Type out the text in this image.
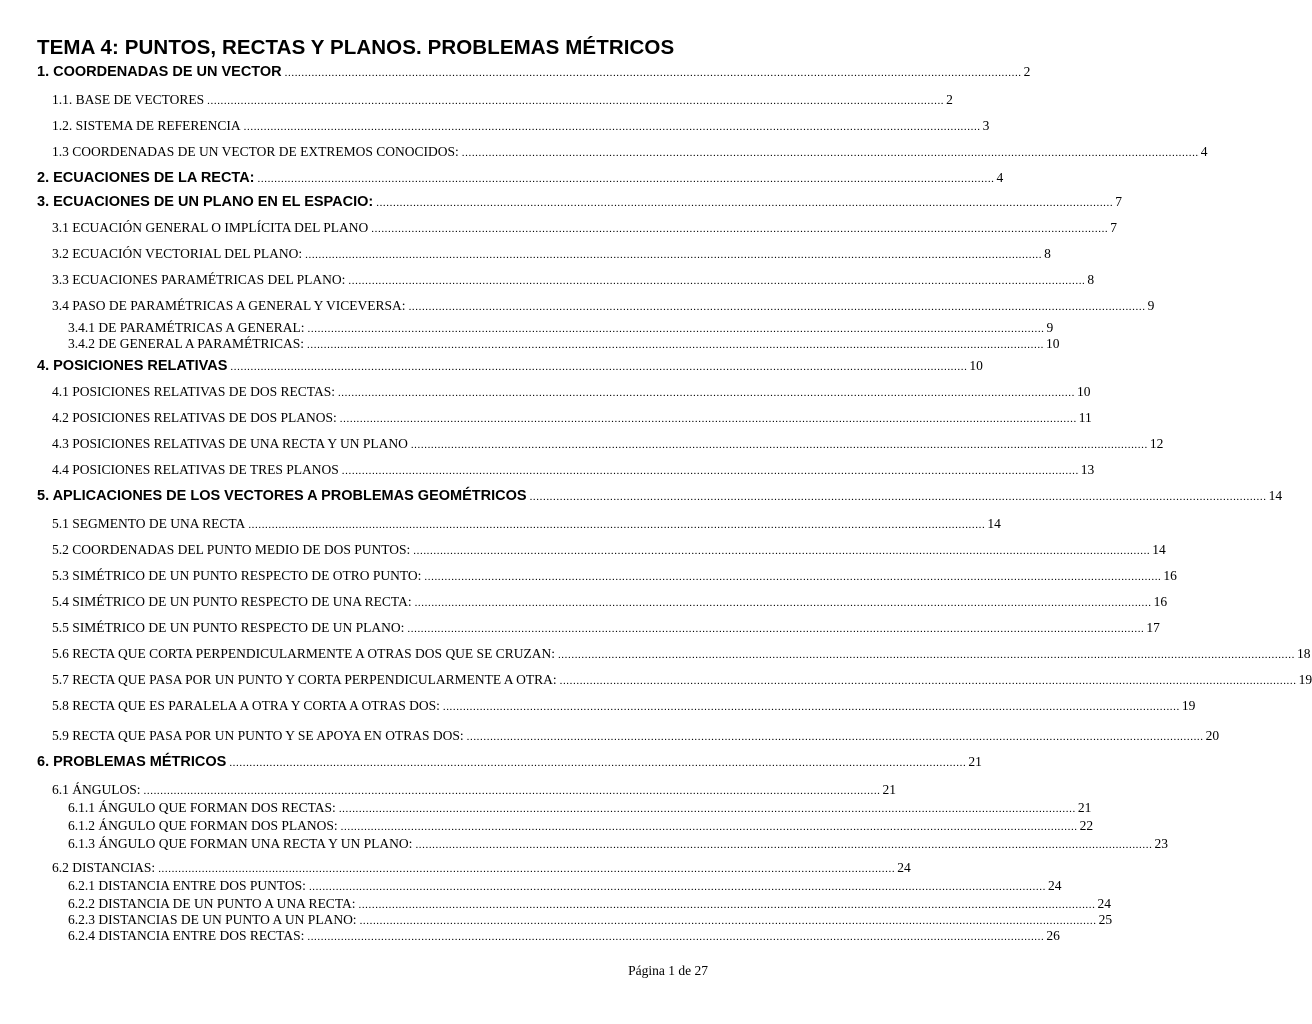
TEMA 4: PUNTOS, RECTAS Y PLANOS. PROBLEMAS MÉTRICOS
1. COORDENADAS DE UN VECTOR ............................................................................................................................................................................................................................ 2
1.1. BASE DE VECTORES ............................................................................................................................................................................................................................ 2
1.2. SISTEMA DE REFERENCIA ............................................................................................................................................................................................................................ 3
1.3 COORDENADAS DE UN VECTOR DE EXTREMOS CONOCIDOS: ............................................................................................................................................................................................................................ 4
2. ECUACIONES DE LA RECTA: ............................................................................................................................................................................................................................ 4
3. ECUACIONES DE UN PLANO EN EL ESPACIO: ............................................................................................................................................................................................................................ 7
3.1 ECUACIÓN GENERAL O IMPLÍCITA DEL PLANO ............................................................................................................................................................................................................................ 7
3.2 ECUACIÓN VECTORIAL DEL PLANO: ............................................................................................................................................................................................................................ 8
3.3 ECUACIONES PARAMÉTRICAS DEL PLANO: ............................................................................................................................................................................................................................ 8
3.4 PASO DE PARAMÉTRICAS A GENERAL Y VICEVERSA: ............................................................................................................................................................................................................................ 9
3.4.1 DE PARAMÉTRICAS A GENERAL: ............................................................................................................................................................................................................................ 9
3.4.2 DE GENERAL A PARAMÉTRICAS: ............................................................................................................................................................................................................................ 10
4. POSICIONES RELATIVAS ............................................................................................................................................................................................................................ 10
4.1 POSICIONES RELATIVAS DE DOS RECTAS: ............................................................................................................................................................................................................................ 10
4.2 POSICIONES RELATIVAS DE DOS PLANOS: ............................................................................................................................................................................................................................ 11
4.3 POSICIONES RELATIVAS DE UNA RECTA Y UN PLANO ............................................................................................................................................................................................................................ 12
4.4 POSICIONES RELATIVAS DE TRES PLANOS ............................................................................................................................................................................................................................ 13
5. APLICACIONES DE LOS VECTORES A PROBLEMAS GEOMÉTRICOS ............................................................................................................................................................................................................................ 14
5.1 SEGMENTO DE UNA RECTA ............................................................................................................................................................................................................................ 14
5.2 COORDENADAS DEL PUNTO MEDIO DE DOS PUNTOS: ............................................................................................................................................................................................................................ 14
5.3 SIMÉTRICO DE UN PUNTO RESPECTO DE OTRO PUNTO: ............................................................................................................................................................................................................................ 16
5.4 SIMÉTRICO DE UN PUNTO RESPECTO DE UNA RECTA: ............................................................................................................................................................................................................................ 16
5.5 SIMÉTRICO DE UN PUNTO RESPECTO DE UN PLANO: ............................................................................................................................................................................................................................ 17
5.6 RECTA QUE CORTA PERPENDICULARMENTE A OTRAS DOS QUE SE CRUZAN: ............................................................................................................................................................................................................................ 18
5.7 RECTA QUE PASA POR UN PUNTO Y CORTA PERPENDICULARMENTE A OTRA: ............................................................................................................................................................................................................................ 19
5.8 RECTA QUE ES PARALELA A OTRA Y CORTA A OTRAS DOS: ............................................................................................................................................................................................................................ 19
5.9 RECTA QUE PASA POR UN PUNTO Y SE APOYA EN OTRAS DOS: ............................................................................................................................................................................................................................ 20
6. PROBLEMAS MÉTRICOS ............................................................................................................................................................................................................................ 21
6.1 ÁNGULOS: ............................................................................................................................................................................................................................ 21
6.1.1 ÁNGULO QUE FORMAN DOS RECTAS: ............................................................................................................................................................................................................................ 21
6.1.2 ÁNGULO QUE FORMAN DOS PLANOS: ............................................................................................................................................................................................................................ 22
6.1.3 ÁNGULO QUE FORMAN UNA RECTA Y UN PLANO: ............................................................................................................................................................................................................................ 23
6.2 DISTANCIAS: ............................................................................................................................................................................................................................ 24
6.2.1 DISTANCIA ENTRE DOS PUNTOS: ............................................................................................................................................................................................................................ 24
6.2.2 DISTANCIA DE UN PUNTO A UNA RECTA: ............................................................................................................................................................................................................................ 24
6.2.3 DISTANCIAS DE UN PUNTO A UN PLANO: ............................................................................................................................................................................................................................ 25
6.2.4 DISTANCIA ENTRE DOS RECTAS: ............................................................................................................................................................................................................................ 26
Página 1 de 27
